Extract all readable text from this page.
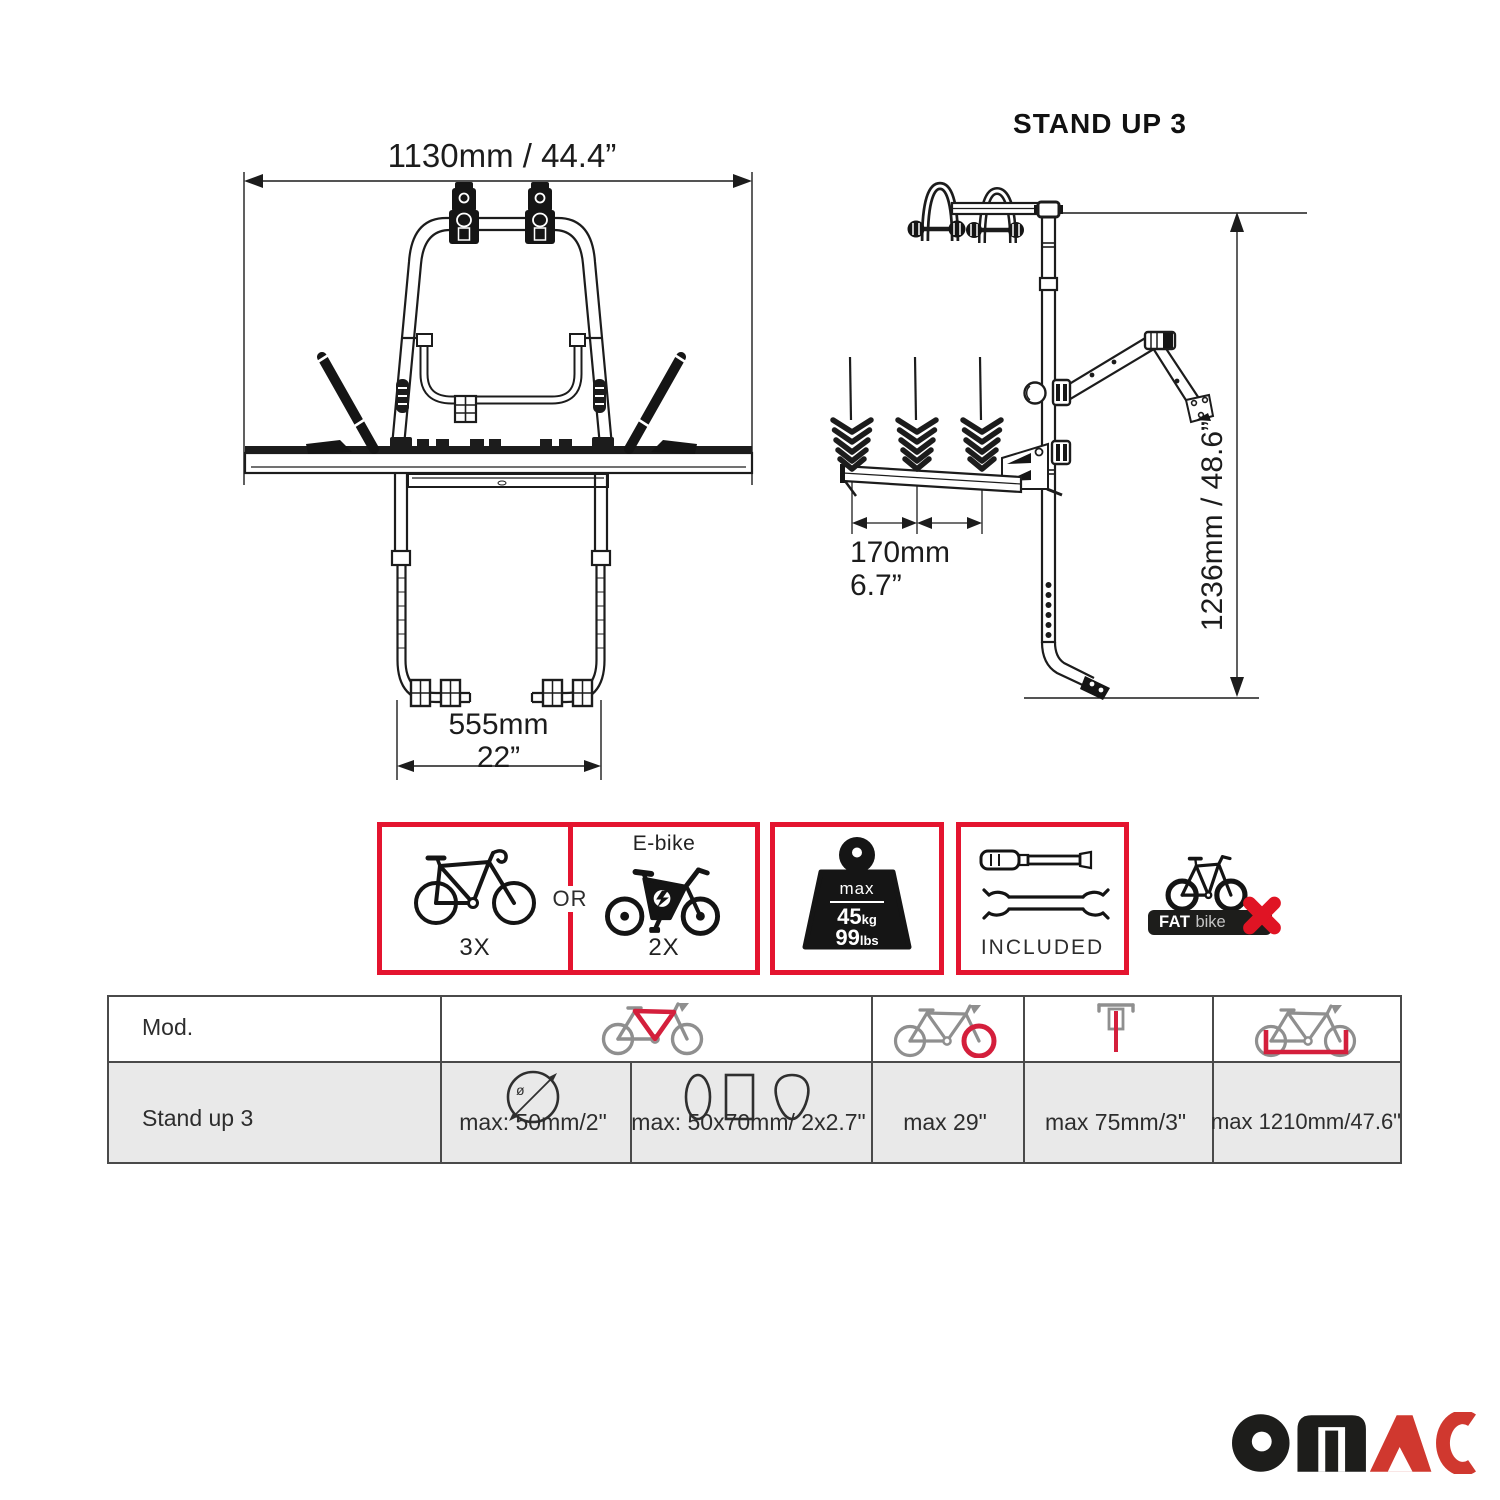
1130mm / 44.4”
555mm
22”
STAND UP 3
170mm
6.7”	1236mm / 48.6”
3X
OR
E-bike
2X
max
45kg
99lbs	INCLUDED
FAT bike
Mod.
Stand up 3
ø
max: 50mm/2"	max: 50x70mm/ 2x2.7"	max 29"	max 75mm/3"	max 1210mm/47.6"
